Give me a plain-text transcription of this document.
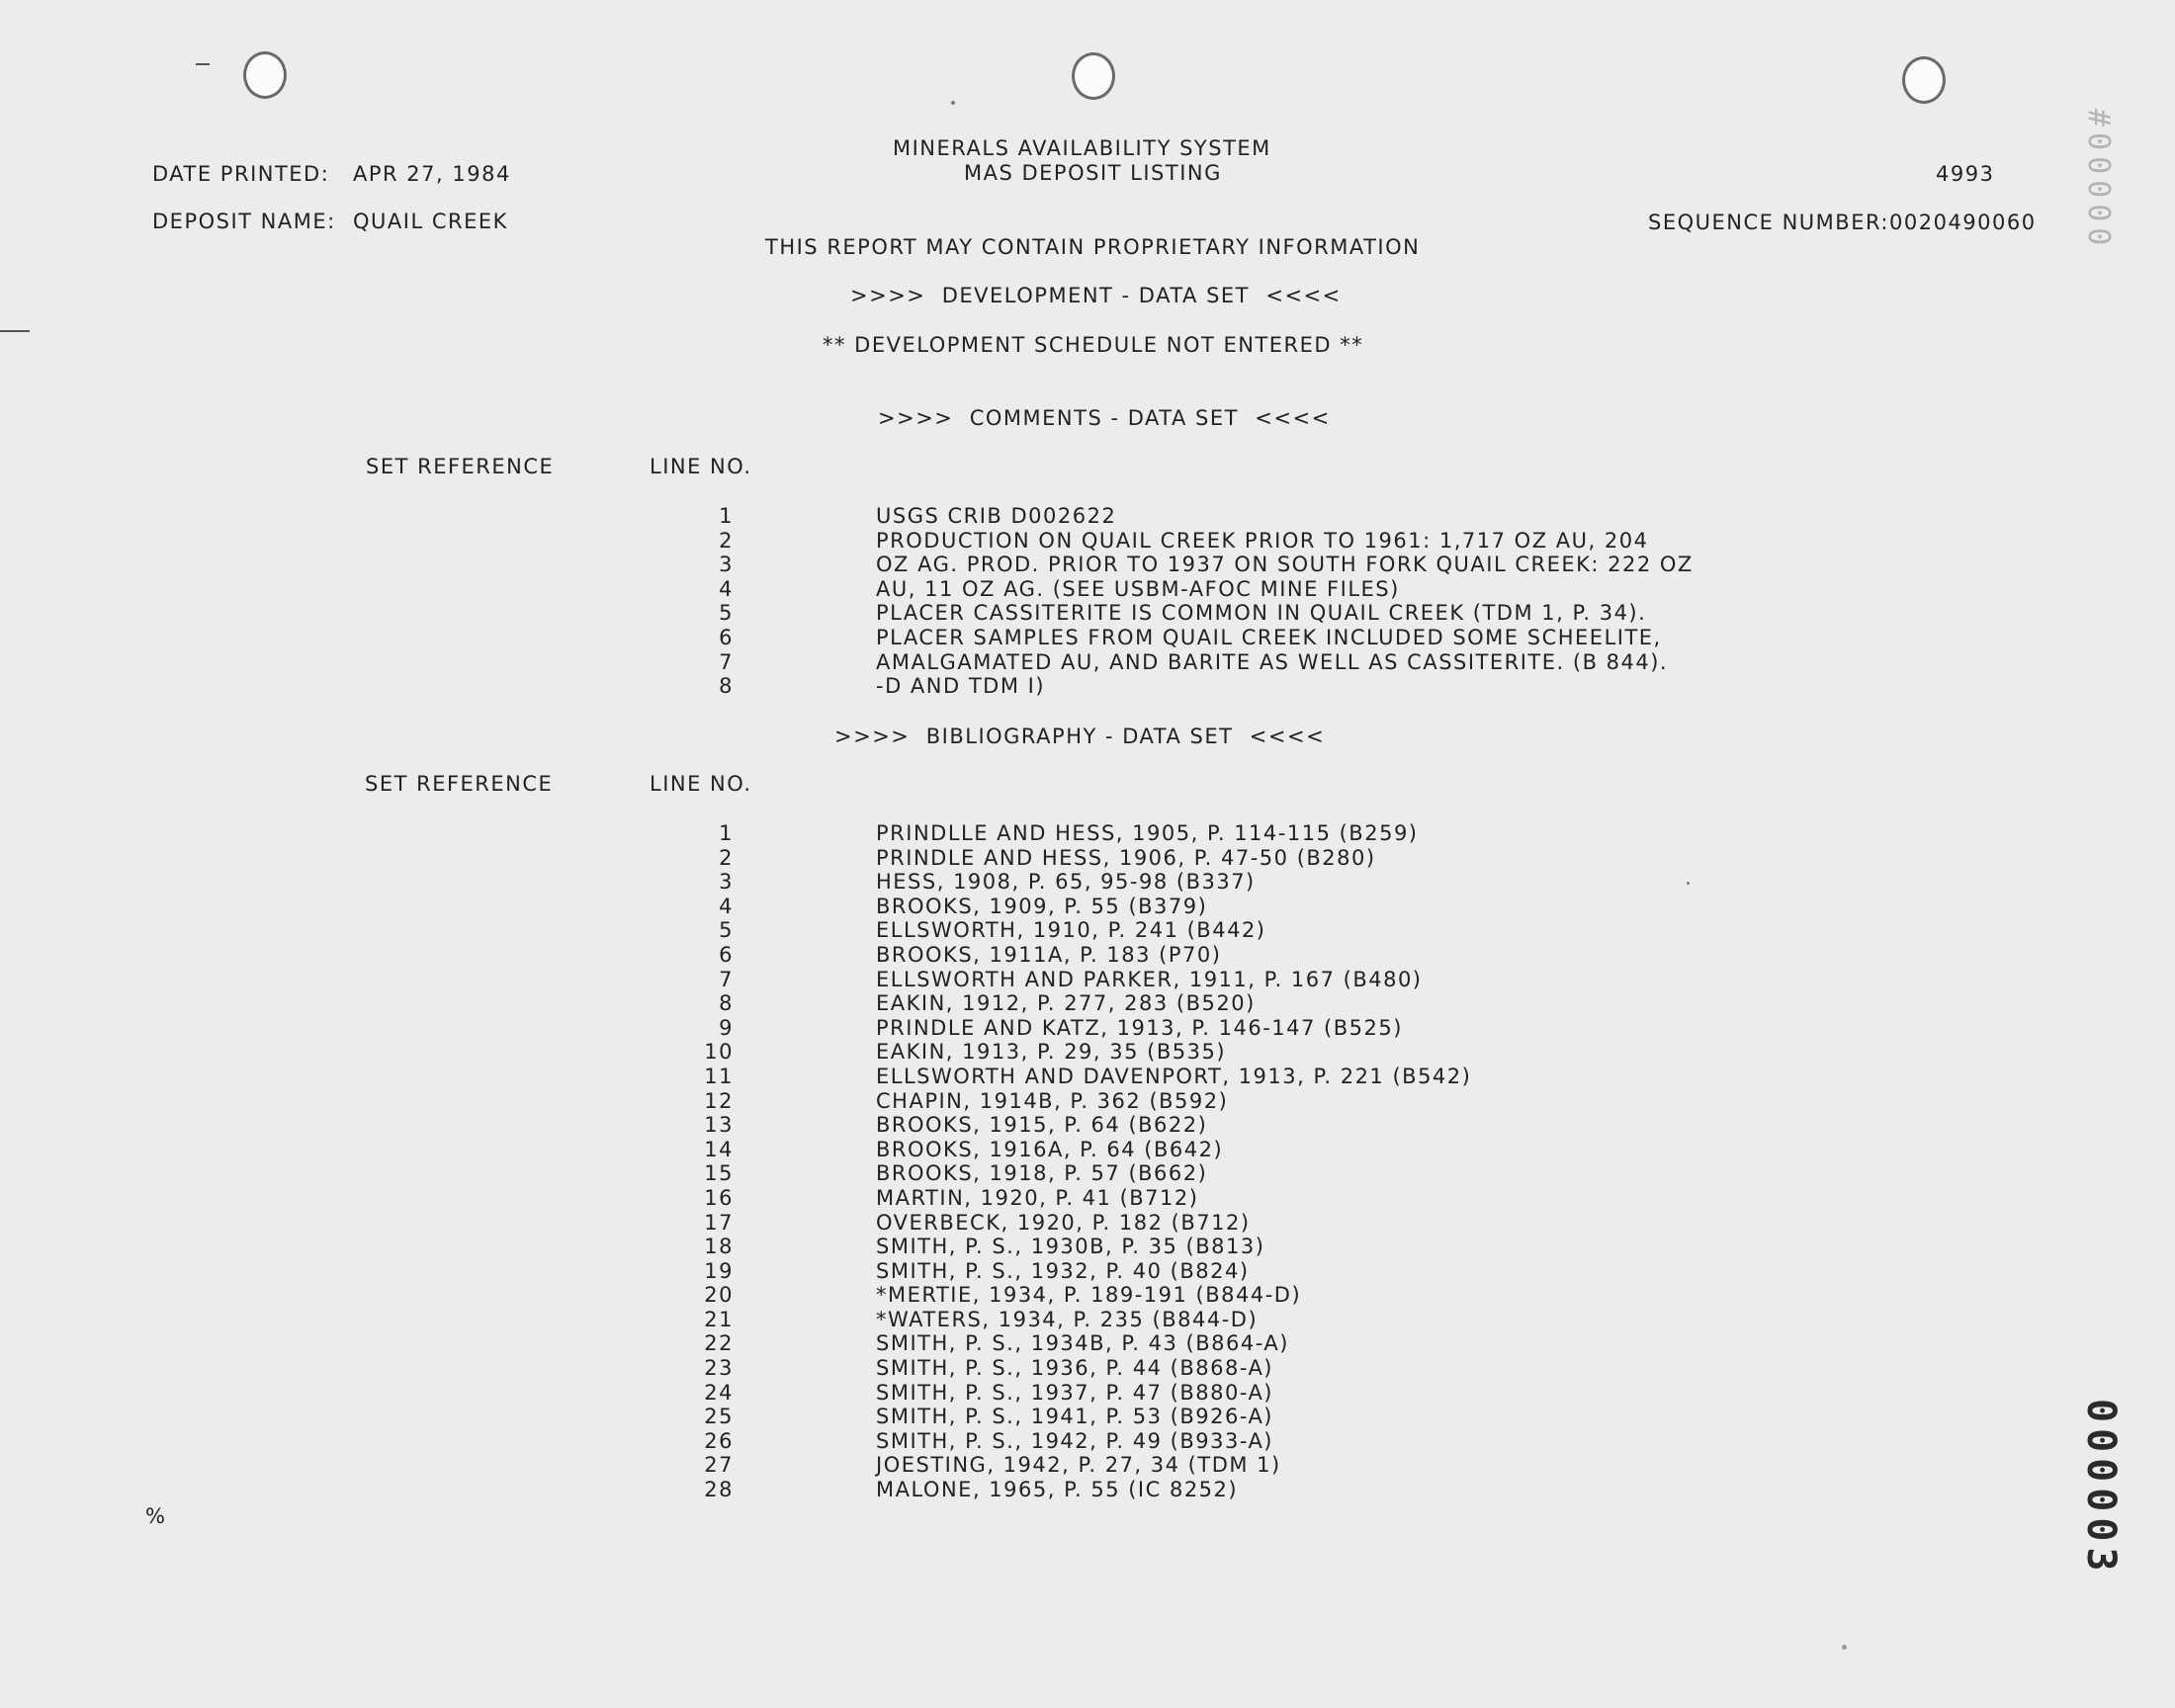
MINERALS AVAILABILITY SYSTEM
MAS DEPOSIT LISTING
DATE PRINTED: APR 27, 1984	4993
DEPOSIT NAME: QUAIL CREEK	SEQUENCE NUMBER: 0020490060
THIS REPORT MAY CONTAIN PROPRIETARY INFORMATION
>>>>  DEVELOPMENT - DATA SET  <<<<
** DEVELOPMENT SCHEDULE NOT ENTERED **
>>>>  COMMENTS - DATA SET  <<<<
SET REFERENCE	LINE NO.
1	USGS CRIB D002622
2	PRODUCTION ON QUAIL CREEK PRIOR TO 1961: 1,717 OZ AU, 204
3	OZ AG. PROD. PRIOR TO 1937 ON SOUTH FORK QUAIL CREEK: 222 OZ
4	AU, 11 OZ AG. (SEE USBM-AFOC MINE FILES)
5	PLACER CASSITERITE IS COMMON IN QUAIL CREEK (TDM 1, P. 34).
6	PLACER SAMPLES FROM QUAIL CREEK INCLUDED SOME SCHEELITE,
7	AMALGAMATED AU, AND BARITE AS WELL AS CASSITERITE. (B 844).
8	-D AND TDM I)
>>>>  BIBLIOGRAPHY - DATA SET  <<<<
SET REFERENCE	LINE NO.
1	PRINDLLE AND HESS, 1905, P. 114-115 (B259)
2	PRINDLE AND HESS, 1906, P. 47-50 (B280)
3	HESS, 1908, P. 65, 95-98 (B337)
4	BROOKS, 1909, P. 55 (B379)
5	ELLSWORTH, 1910, P. 241 (B442)
6	BROOKS, 1911A, P. 183 (P70)
7	ELLSWORTH AND PARKER, 1911, P. 167 (B480)
8	EAKIN, 1912, P. 277, 283 (B520)
9	PRINDLE AND KATZ, 1913, P. 146-147 (B525)
10	EAKIN, 1913, P. 29, 35 (B535)
11	ELLSWORTH AND DAVENPORT, 1913, P. 221 (B542)
12	CHAPIN, 1914B, P. 362 (B592)
13	BROOKS, 1915, P. 64 (B622)
14	BROOKS, 1916A, P. 64 (B642)
15	BROOKS, 1918, P. 57 (B662)
16	MARTIN, 1920, P. 41 (B712)
17	OVERBECK, 1920, P. 182 (B712)
18	SMITH, P. S., 1930B, P. 35 (B813)
19	SMITH, P. S., 1932, P. 40 (B824)
20	*MERTIE, 1934, P. 189-191 (B844-D)
21	*WATERS, 1934, P. 235 (B844-D)
22	SMITH, P. S., 1934B, P. 43 (B864-A)
23	SMITH, P. S., 1936, P. 44 (B868-A)
24	SMITH, P. S., 1937, P. 47 (B880-A)
25	SMITH, P. S., 1941, P. 53 (B926-A)
26	SMITH, P. S., 1942, P. 49 (B933-A)
27	JOESTING, 1942, P. 27, 34 (TDM 1)
28	MALONE, 1965, P. 55 (IC 8252)
%
#00000
000003
